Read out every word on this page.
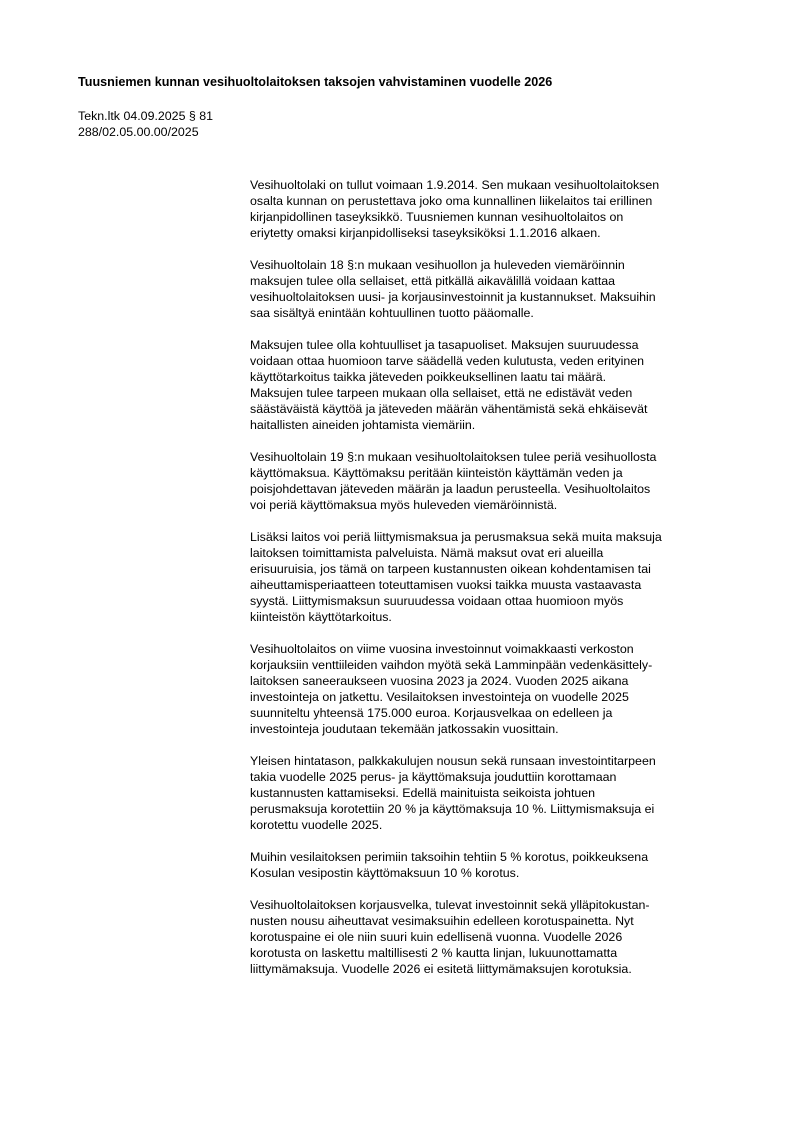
Tuusniemen kunnan vesihuoltolaitoksen taksojen vahvistaminen vuodelle 2026
Tekn.ltk 04.09.2025 § 81
288/02.05.00.00/2025
Vesihuoltolaki on tullut voimaan 1.9.2014. Sen mukaan vesihuoltolaitoksen
osalta kunnan on perustettava joko oma kunnallinen liikelaitos tai erillinen
kirjanpidollinen taseyksikkö. Tuusniemen kunnan vesihuoltolaitos on
eriytetty omaksi kirjanpidolliseksi taseyksiköksi 1.1.2016 alkaen.
Vesihuoltolain 18 §:n mukaan vesihuollon ja huleveden viemäröinnin
maksujen tulee olla sellaiset, että pitkällä aikavälillä voidaan kattaa
vesihuoltolaitoksen uusi- ja korjausinvestoinnit ja kustannukset. Maksuihin
saa sisältyä enintään kohtuullinen tuotto pääomalle.
Maksujen tulee olla kohtuulliset ja tasapuoliset. Maksujen suuruudessa
voidaan ottaa huomioon tarve säädellä veden kulutusta, veden erityinen
käyttötarkoitus taikka jäteveden poikkeuksellinen laatu tai määrä.
Maksujen tulee tarpeen mukaan olla sellaiset, että ne edistävät veden
säästäväistä käyttöä ja jäteveden määrän vähentämistä sekä ehkäisevät
haitallisten aineiden johtamista viemäriin.
Vesihuoltolain 19 §:n mukaan vesihuoltolaitoksen tulee periä vesihuollosta
käyttömaksua. Käyttömaksu peritään kiinteistön käyttämän veden ja
poisjohdettavan jäteveden määrän ja laadun perusteella. Vesihuoltolaitos
voi periä käyttömaksua myös huleveden viemäröinnistä.
Lisäksi laitos voi periä liittymismaksua ja perusmaksua sekä muita maksuja
laitoksen toimittamista palveluista. Nämä maksut ovat eri alueilla
erisuuruisia, jos tämä on tarpeen kustannusten oikean kohdentamisen tai
aiheuttamisperiaatteen toteuttamisen vuoksi taikka muusta vastaavasta
syystä. Liittymismaksun suuruudessa voidaan ottaa huomioon myös
kiinteistön käyttötarkoitus.
Vesihuoltolaitos on viime vuosina investoinnut voimakkaasti verkoston
korjauksiin venttiileiden vaihdon myötä sekä Lamminpään vedenkäsittely-
laitoksen saneeraukseen vuosina 2023 ja 2024. Vuoden 2025 aikana
investointeja on jatkettu. Vesilaitoksen investointeja on vuodelle 2025
suunniteltu yhteensä 175.000 euroa. Korjausvelkaa on edelleen ja
investointeja joudutaan tekemään jatkossakin vuosittain.
Yleisen hintatason, palkkakulujen nousun sekä runsaan investointitarpeen
takia vuodelle 2025 perus- ja käyttömaksuja jouduttiin korottamaan
kustannusten kattamiseksi. Edellä mainituista seikoista johtuen
perusmaksuja korotettiin 20 % ja käyttömaksuja 10 %. Liittymismaksuja ei
korotettu vuodelle 2025.
Muihin vesilaitoksen perimiin taksoihin tehtiin 5 % korotus, poikkeuksena
Kosulan vesipostin käyttömaksuun 10 % korotus.
Vesihuoltolaitoksen korjausvelka, tulevat investoinnit sekä ylläpitokustan-
nusten nousu aiheuttavat vesimaksuihin edelleen korotuspainetta. Nyt
korotuspaine ei ole niin suuri kuin edellisenä vuonna. Vuodelle 2026
korotusta on laskettu maltillisesti 2 % kautta linjan, lukuunottamatta
liittymämaksuja. Vuodelle 2026 ei esitetä liittymämaksujen korotuksia.
